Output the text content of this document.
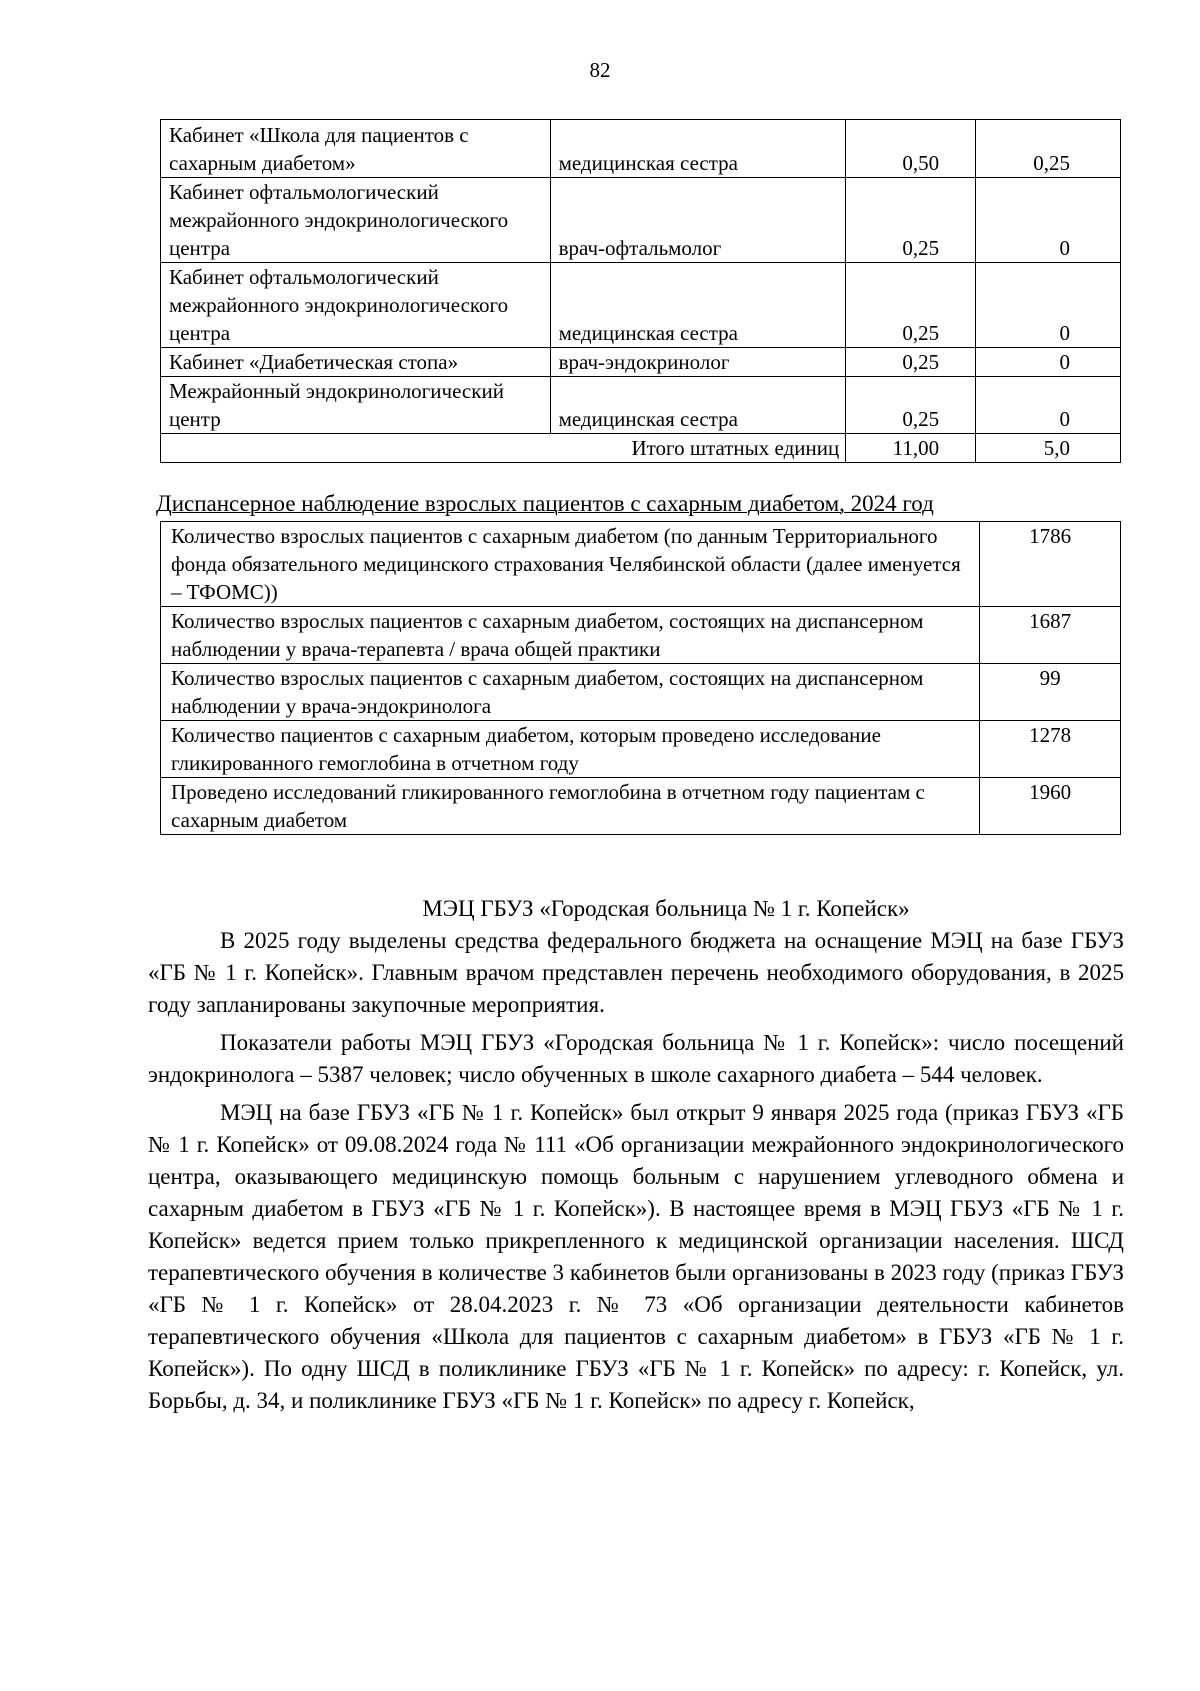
82
Кабинет «Школа для пациентов с сахарным диабетом»	медицинская сестра	0,50	0,25
Кабинет офтальмологический межрайонного эндокринологического центра	врач-офтальмолог	0,25	0
Кабинет офтальмологический межрайонного эндокринологического центра	медицинская сестра	0,25	0
Кабинет «Диабетическая стопа»	врач-эндокринолог	0,25	0
Межрайонный эндокринологический центр	медицинская сестра	0,25	0
Итого штатных единиц		11,00	5,0
Диспансерное наблюдение взрослых пациентов с сахарным диабетом, 2024 год
Количество взрослых пациентов с сахарным диабетом (по данным Территориального фонда обязательного медицинского страхования Челябинской области (далее именуется – ТФОМС))	1786
Количество взрослых пациентов с сахарным диабетом, состоящих на диспансерном наблюдении у врача-терапевта / врача общей практики	1687
Количество взрослых пациентов с сахарным диабетом, состоящих на диспансерном наблюдении у врача-эндокринолога	99
Количество пациентов с сахарным диабетом, которым проведено исследование гликированного гемоглобина в отчетном году	1278
Проведено исследований гликированного гемоглобина в отчетном году пациентам с сахарным диабетом	1960

МЭЦ ГБУЗ «Городская больница № 1 г. Копейск»

В 2025 году выделены средства федерального бюджета на оснащение МЭЦ на базе ГБУЗ «ГБ № 1 г. Копейск». Главным врачом представлен перечень необходимого оборудования, в 2025 году запланированы закупочные мероприятия.

Показатели работы МЭЦ ГБУЗ «Городская больница № 1 г. Копейск»: число посещений эндокринолога – 5387 человек; число обученных в школе сахарного диабета – 544 человек.

МЭЦ на базе ГБУЗ «ГБ № 1 г. Копейск» был открыт 9 января 2025 года (приказ ГБУЗ «ГБ № 1 г. Копейск» от 09.08.2024 года № 111 «Об организации межрайонного эндокринологического центра, оказывающего медицинскую помощь больным с нарушением углеводного обмена и сахарным диабетом в ГБУЗ «ГБ № 1 г. Копейск»). В настоящее время в МЭЦ ГБУЗ «ГБ № 1 г. Копейск» ведется прием только прикрепленного к медицинской организации населения. ШСД терапевтического обучения в количестве 3 кабинетов были организованы в 2023 году (приказ ГБУЗ «ГБ № 1 г. Копейск» от 28.04.2023 г. № 73 «Об организации деятельности кабинетов терапевтического обучения «Школа для пациентов с сахарным диабетом» в ГБУЗ «ГБ № 1 г. Копейск»). По одну ШСД в поликлинике ГБУЗ «ГБ № 1 г. Копейск» по адресу: г. Копейск, ул. Борьбы, д. 34, и поликлинике ГБУЗ «ГБ № 1 г. Копейск» по адресу г. Копейск,
